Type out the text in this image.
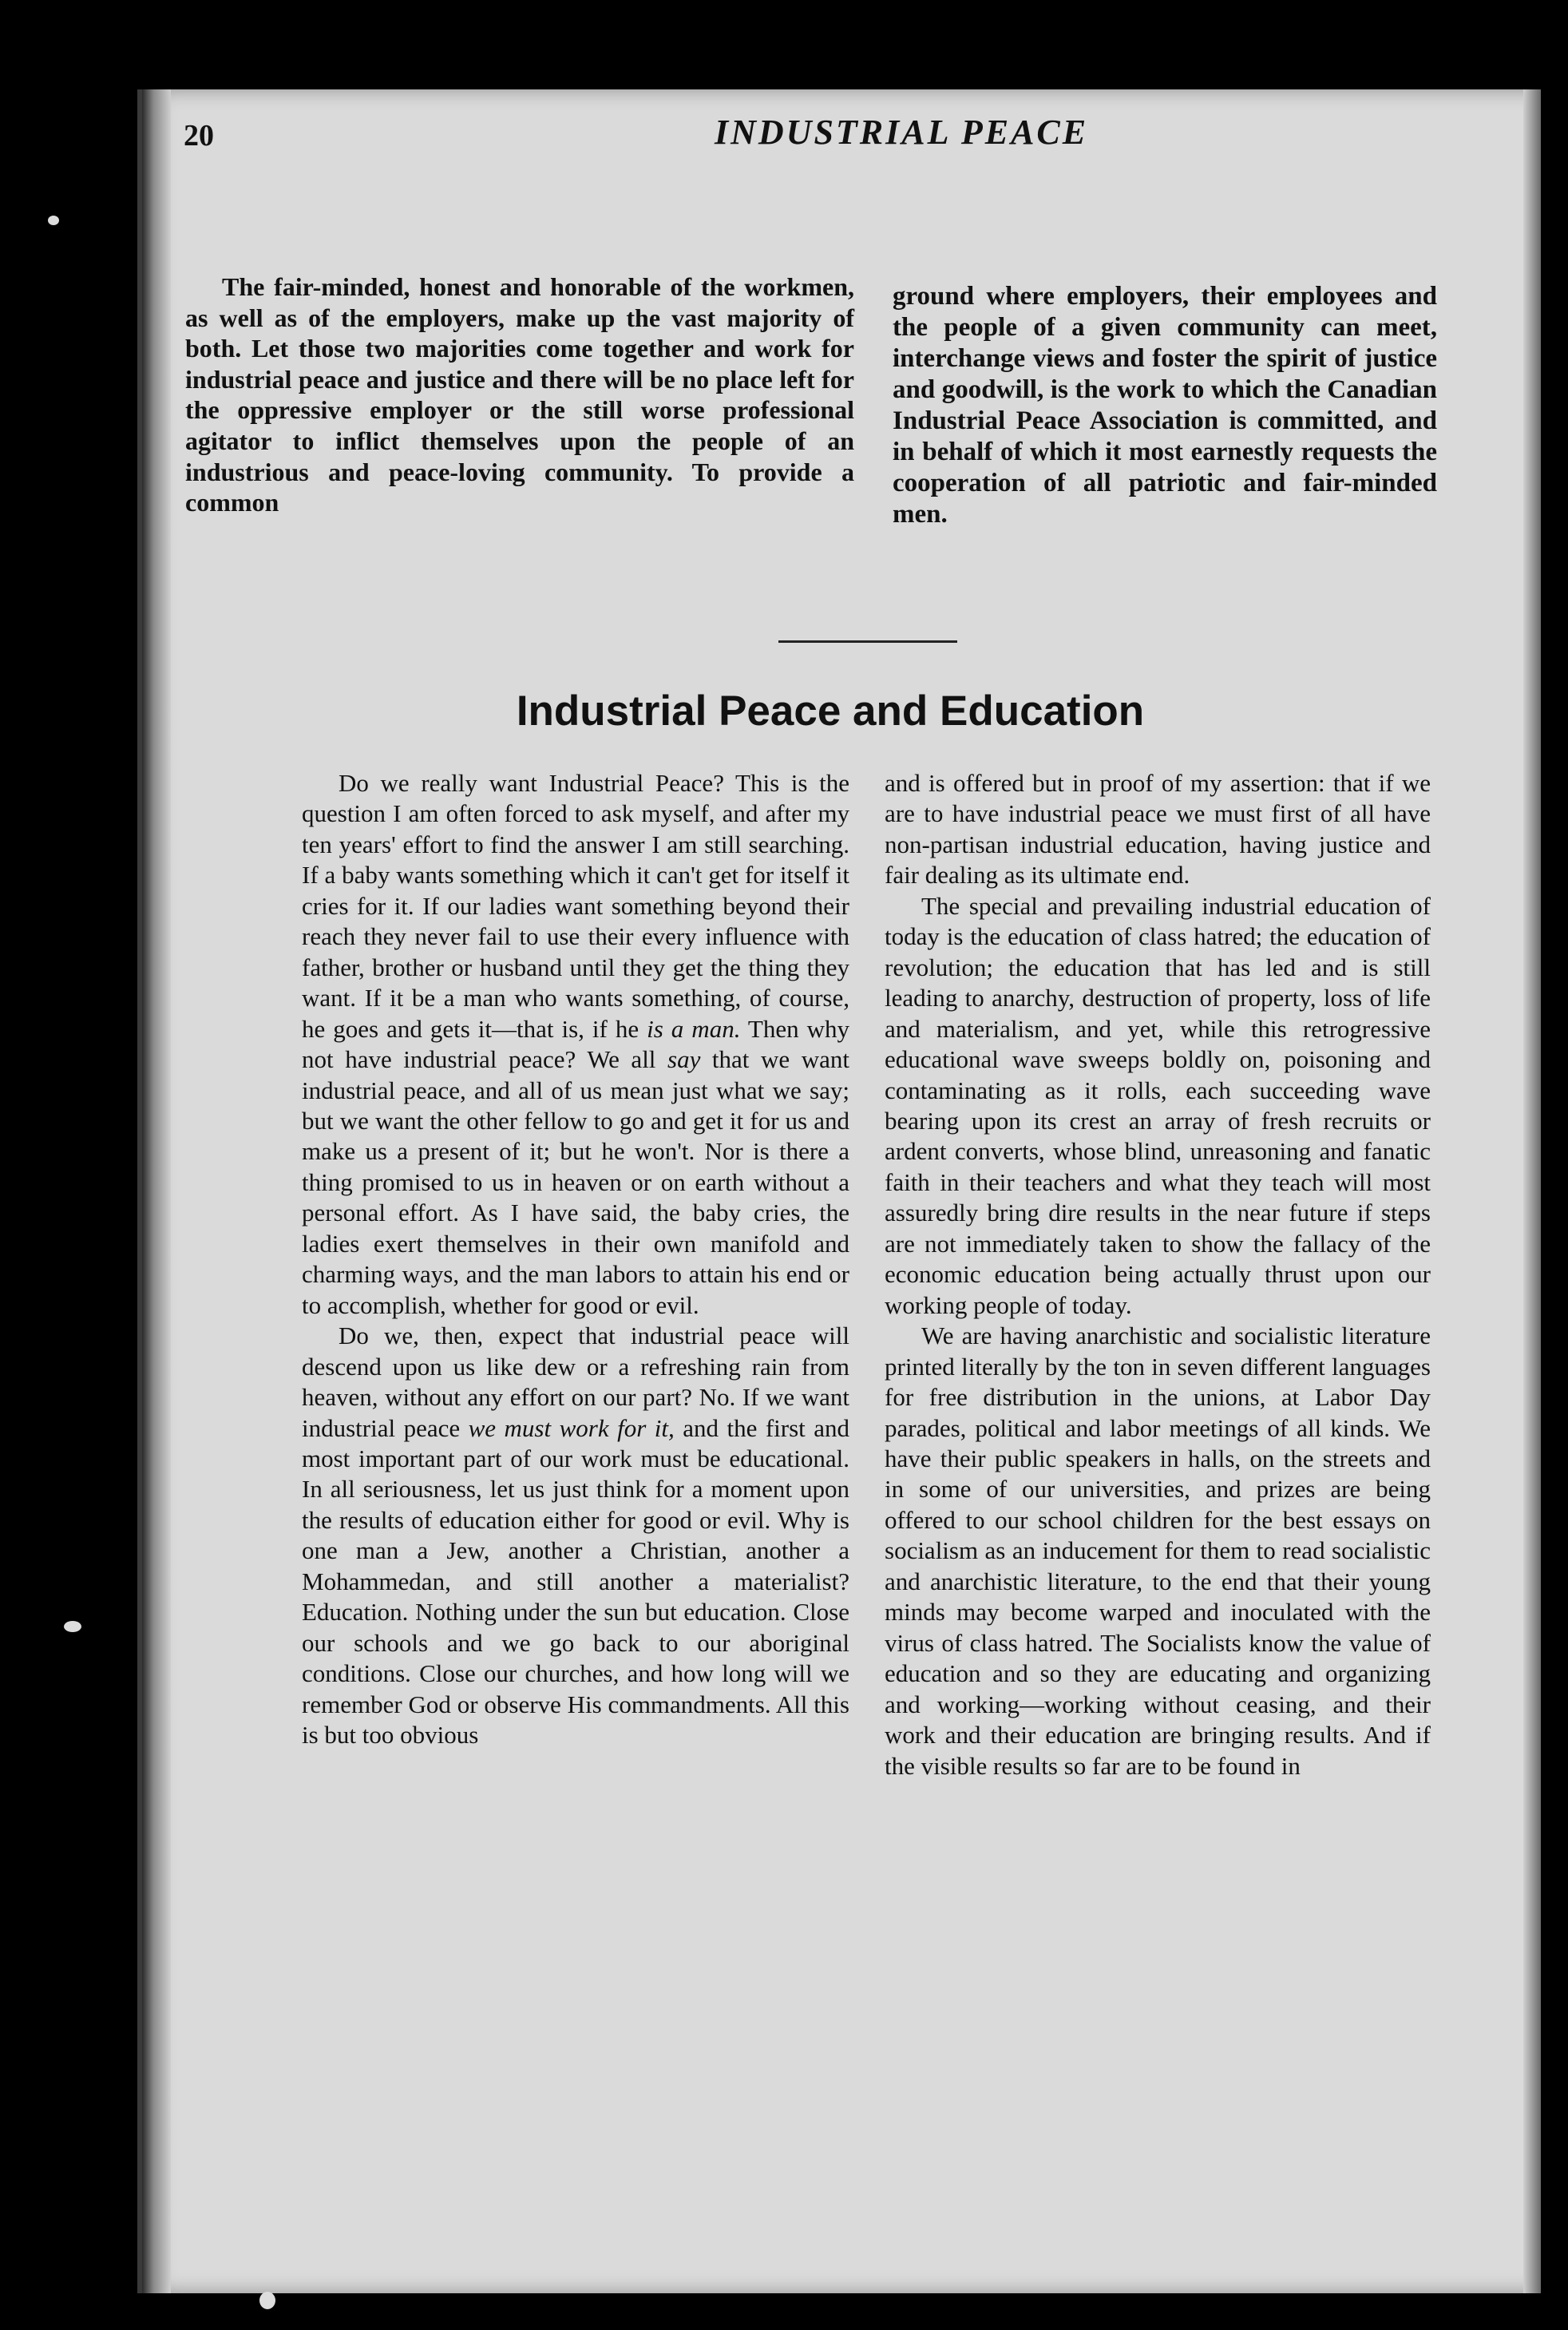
20	INDUSTRIAL PEACE

The fair-minded, honest and honorable of the workmen, as well as of the employers, make up the vast majority of both. Let those two majorities come together and work for industrial peace and justice and there will be no place left for the oppressive employer or the still worse professional agitator to inflict themselves upon the people of an industrious and peace-loving community. To provide a common

ground where employers, their employees and the people of a given community can meet, interchange views and foster the spirit of justice and goodwill, is the work to which the Canadian Industrial Peace Association is committed, and in behalf of which it most earnestly requests the cooperation of all patriotic and fair-minded men.

Industrial Peace and Education

Do we really want Industrial Peace? This is the question I am often forced to ask myself, and after my ten years' effort to find the answer I am still searching. If a baby wants something which it can't get for itself it cries for it. If our ladies want something beyond their reach they never fail to use their every influence with father, brother or husband until they get the thing they want. If it be a man who wants something, of course, he goes and gets it—that is, if he is a man. Then why not have industrial peace? We all say that we want industrial peace, and all of us mean just what we say; but we want the other fellow to go and get it for us and make us a present of it; but he won't. Nor is there a thing promised to us in heaven or on earth without a personal effort. As I have said, the baby cries, the ladies exert themselves in their own manifold and charming ways, and the man labors to attain his end or to accomplish, whether for good or evil.

Do we, then, expect that industrial peace will descend upon us like dew or a refreshing rain from heaven, without any effort on our part? No. If we want industrial peace we must work for it, and the first and most important part of our work must be educational. In all seriousness, let us just think for a moment upon the results of education either for good or evil. Why is one man a Jew, another a Christian, another a Mohammedan, and still another a materialist? Education. Nothing under the sun but education. Close our schools and we go back to our aboriginal conditions. Close our churches, and how long will we remember God or observe His commandments. All this is but too obvious

and is offered but in proof of my assertion: that if we are to have industrial peace we must first of all have non-partisan industrial education, having justice and fair dealing as its ultimate end.

The special and prevailing industrial education of today is the education of class hatred; the education of revolution; the education that has led and is still leading to anarchy, destruction of property, loss of life and materialism, and yet, while this retrogressive educational wave sweeps boldly on, poisoning and contaminating as it rolls, each succeeding wave bearing upon its crest an array of fresh recruits or ardent converts, whose blind, unreasoning and fanatic faith in their teachers and what they teach will most assuredly bring dire results in the near future if steps are not immediately taken to show the fallacy of the economic education being actually thrust upon our working people of today.

We are having anarchistic and socialistic literature printed literally by the ton in seven different languages for free distribution in the unions, at Labor Day parades, political and labor meetings of all kinds. We have their public speakers in halls, on the streets and in some of our universities, and prizes are being offered to our school children for the best essays on socialism as an inducement for them to read socialistic and anarchistic literature, to the end that their young minds may become warped and inoculated with the virus of class hatred. The Socialists know the value of education and so they are educating and organizing and working—working without ceasing, and their work and their education are bringing results. And if the visible results so far are to be found in
